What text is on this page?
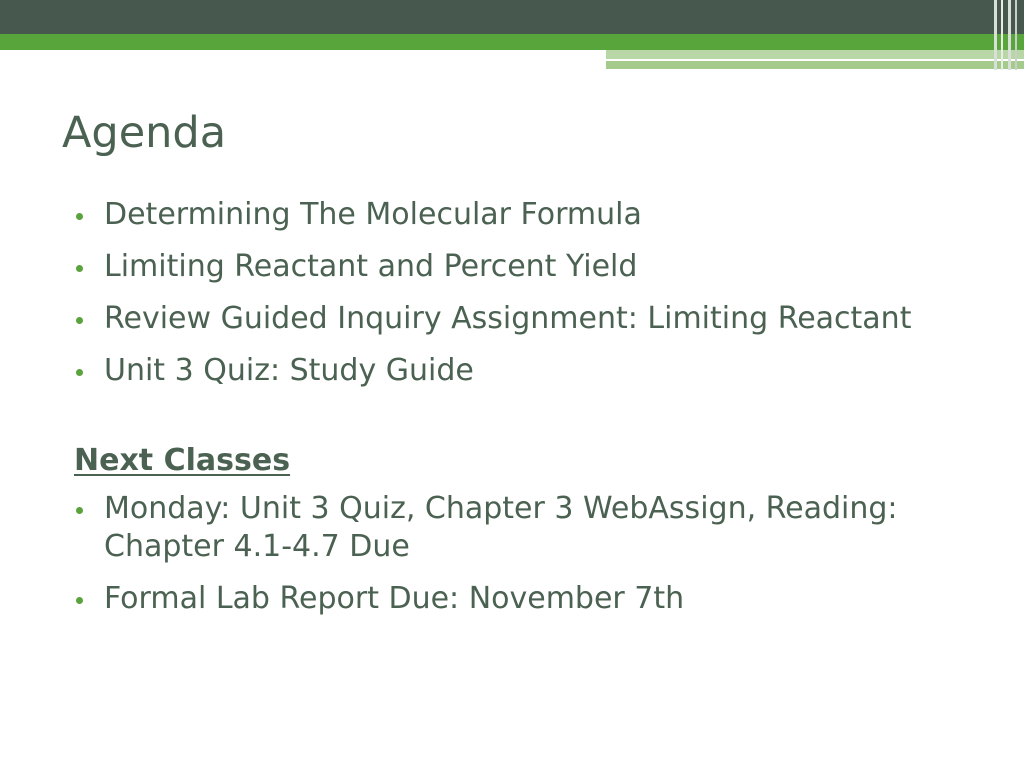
Agenda
Determining The Molecular Formula
Limiting Reactant and Percent Yield
Review Guided Inquiry Assignment: Limiting Reactant
Unit 3 Quiz: Study Guide
Next Classes
Monday: Unit 3 Quiz, Chapter 3 WebAssign, Reading: Chapter 4.1-4.7 Due
Formal Lab Report Due: November 7th
